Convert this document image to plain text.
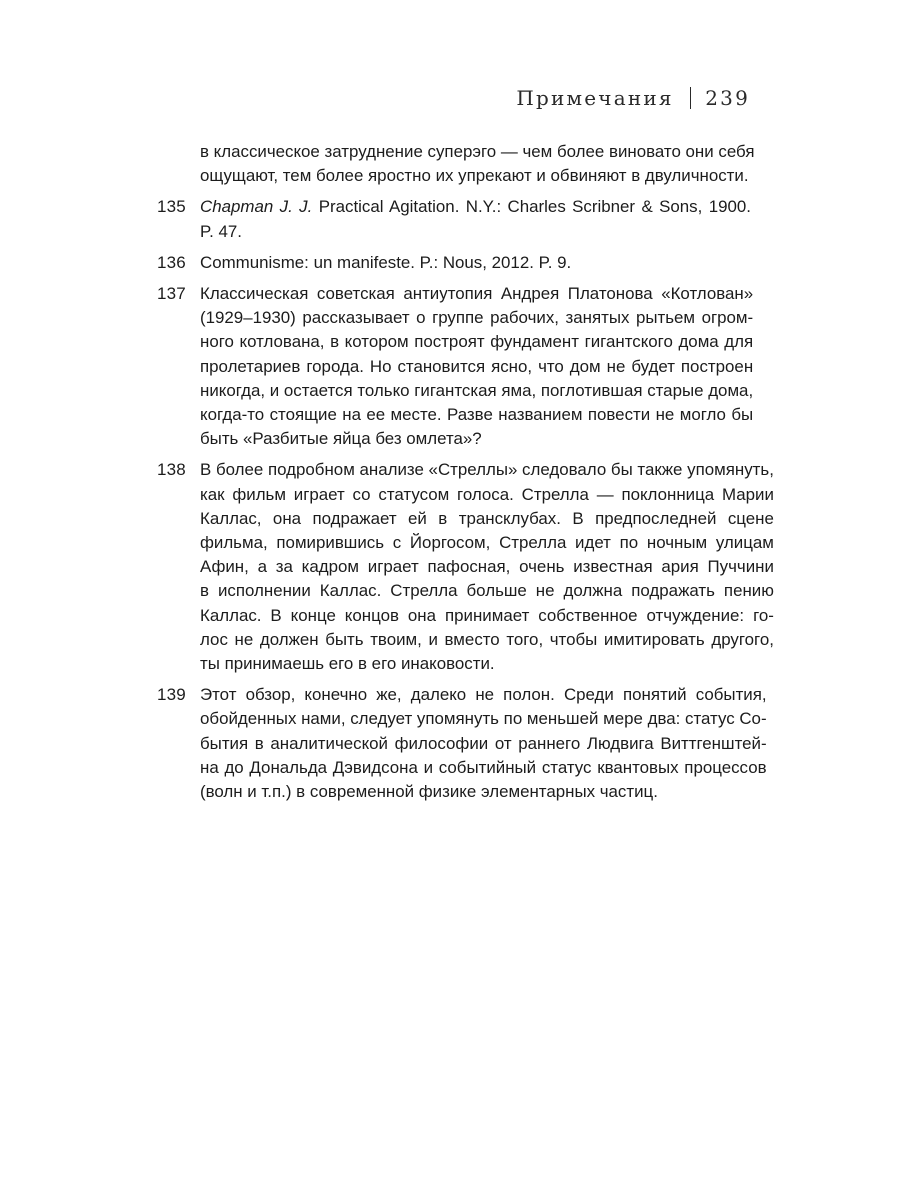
Примечания 239
в классическое затруднение суперэго — чем более виновато они себя
ощущают, тем более яростно их упрекают и обвиняют в двуличности.
135 Chapman J. J. Practical Agitation. N.Y.: Charles Scribner & Sons, 1900.
P. 47.
136 Communisme: un manifeste. P.: Nous, 2012. P. 9.
137 Классическая советская антиутопия Андрея Платонова «Котлован»
(1929–1930) рассказывает о группе рабочих, занятых рытьем огром-
ного котлована, в котором построят фундамент гигантского дома для
пролетариев города. Но становится ясно, что дом не будет построен
никогда, и остается только гигантская яма, поглотившая старые дома,
когда-то стоящие на ее месте. Разве названием повести не могло бы
быть «Разбитые яйца без омлета»?
138 В более подробном анализе «Стреллы» следовало бы также упомянуть,
как фильм играет со статусом голоса. Стрелла — поклонница Марии
Каллас, она подражает ей в трансклубах. В предпоследней сцене
фильма, помирившись с Йоргосом, Стрелла идет по ночным улицам
Афин, а за кадром играет пафосная, очень известная ария Пуччини
в исполнении Каллас. Стрелла больше не должна подражать пению
Каллас. В конце концов она принимает собственное отчуждение: го-
лос не должен быть твоим, и вместо того, чтобы имитировать другого,
ты принимаешь его в его инаковости.
139 Этот обзор, конечно же, далеко не полон. Среди понятий события,
обойденных нами, следует упомянуть по меньшей мере два: статус Со-
бытия в аналитической философии от раннего Людвига Виттгенштей-
на до Дональда Дэвидсона и событийный статус квантовых процессов
(волн и т.п.) в современной физике элементарных частиц.
